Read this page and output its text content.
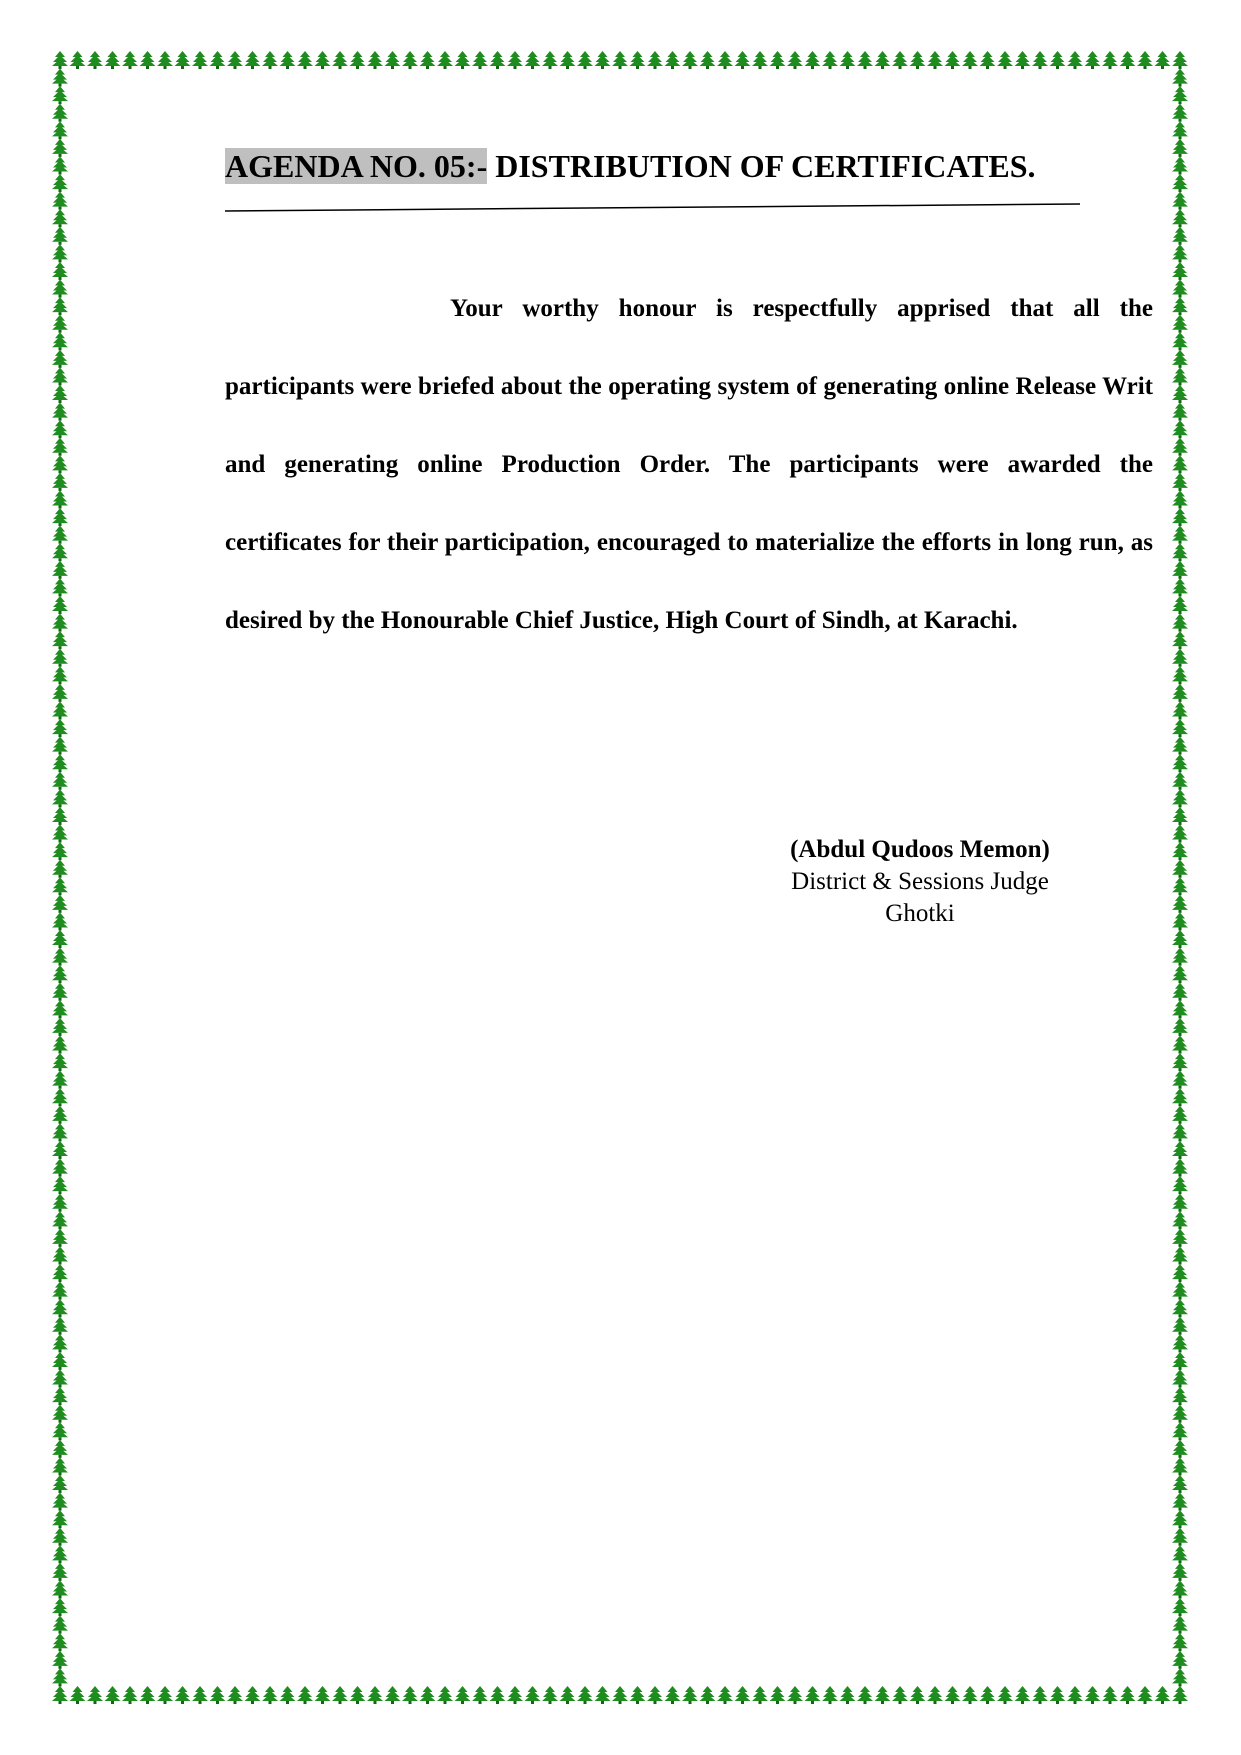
AGENDA NO. 05:- DISTRIBUTION OF CERTIFICATES.
Your worthy honour is respectfully apprised that all the participants were briefed about the operating system of generating online Release Writ and generating online Production Order. The participants were awarded the certificates for their participation, encouraged to materialize the efforts in long run, as desired by the Honourable Chief Justice, High Court of Sindh, at Karachi.
(Abdul Qudoos Memon)
District & Sessions Judge
Ghotki
